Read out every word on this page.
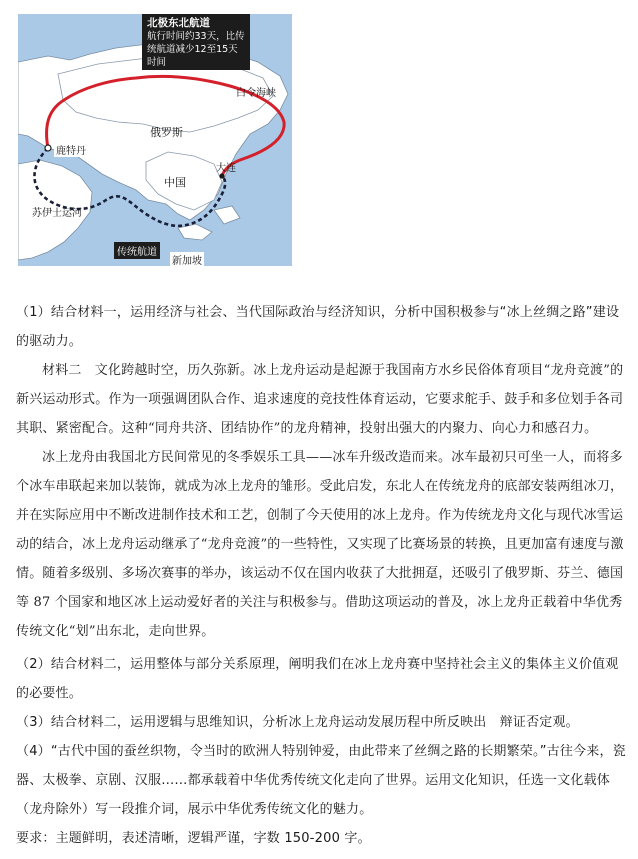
北极东北航道
航行时间约33天，比传统航道减少12至15天时间
白令海峡
俄罗斯
鹿特丹
大连
中国
苏伊士运河
传统航道
新加坡

（1）结合材料一，运用经济与社会、当代国际政治与经济知识，分析中国积极参与“冰上丝绸之路”建设的驱动力。

材料二　文化跨越时空，历久弥新。冰上龙舟运动是起源于我国南方水乡民俗体育项目“龙舟竞渡”的新兴运动形式。作为一项强调团队合作、追求速度的竞技性体育运动，它要求舵手、鼓手和多位划手各司其职、紧密配合。这种“同舟共济、团结协作”的龙舟精神，投射出强大的内聚力、向心力和感召力。

冰上龙舟由我国北方民间常见的冬季娱乐工具——冰车升级改造而来。冰车最初只可坐一人，而将多个冰车串联起来加以装饰，就成为冰上龙舟的雏形。受此启发，东北人在传统龙舟的底部安装两组冰刀，并在实际应用中不断改进制作技术和工艺，创制了今天使用的冰上龙舟。作为传统龙舟文化与现代冰雪运动的结合，冰上龙舟运动继承了“龙舟竞渡”的一些特性，又实现了比赛场景的转换，且更加富有速度与激情。随着多级别、多场次赛事的举办，该运动不仅在国内收获了大批拥趸，还吸引了俄罗斯、芬兰、德国等 87 个国家和地区冰上运动爱好者的关注与积极参与。借助这项运动的普及，冰上龙舟正载着中华优秀传统文化“划”出东北，走向世界。

（2）结合材料二，运用整体与部分关系原理，阐明我们在冰上龙舟赛中坚持社会主义的集体主义价值观的必要性。

（3）结合材料二，运用逻辑与思维知识，分析冰上龙舟运动发展历程中所反映出　辩证否定观。

（4）“古代中国的蚕丝织物，令当时的欧洲人特别钟爱，由此带来了丝绸之路的长期繁荣。”古往今来，瓷器、太极拳、京剧、汉服……都承载着中华优秀传统文化走向了世界。运用文化知识，任选一文化载体（龙舟除外）写一段推介词，展示中华优秀传统文化的魅力。

要求：主题鲜明，表述清晰，逻辑严谨，字数 150-200 字。
